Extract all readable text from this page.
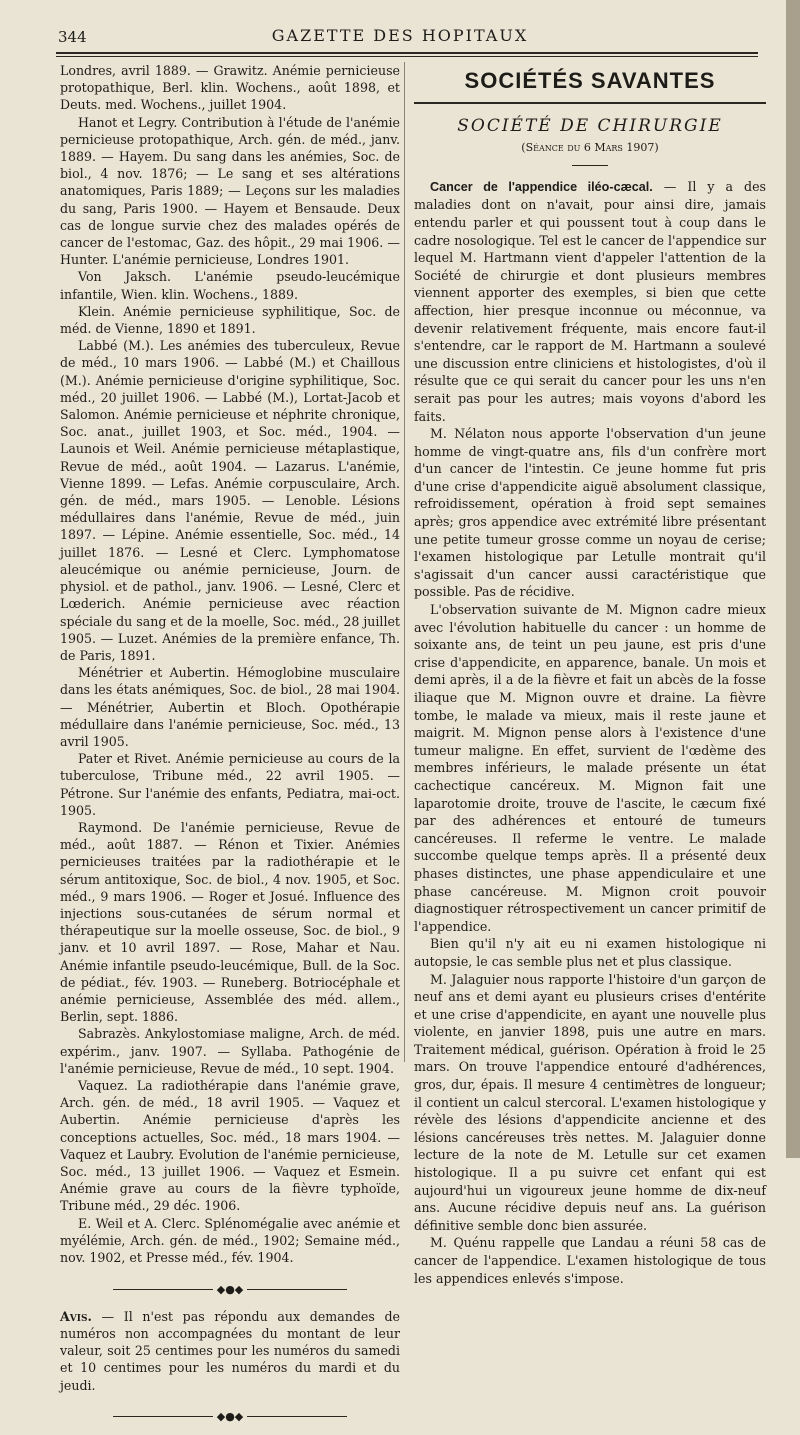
344	GAZETTE DES HOPITAUX

Londres, avril 1889. — Grawitz. Anémie pernicieuse protopathique, Berl. klin. Wochens., août 1898, et Deuts. med. Wochens., juillet 1904.

Hanot et Legry. Contribution à l'étude de l'anémie pernicieuse protopathique, Arch. gén. de méd., janv. 1889. — Hayem. Du sang dans les anémies, Soc. de biol., 4 nov. 1876; — Le sang et ses altérations anatomiques, Paris 1889; — Leçons sur les maladies du sang, Paris 1900. — Hayem et Bensaude. Deux cas de longue survie chez des malades opérés de cancer de l'estomac, Gaz. des hôpit., 29 mai 1906. — Hunter. L'anémie pernicieuse, Londres 1901.

Von Jaksch. L'anémie pseudo-leucémique infantile, Wien. klin. Wochens., 1889.

Klein. Anémie pernicieuse syphilitique, Soc. de méd. de Vienne, 1890 et 1891.

Labbé (M.). Les anémies des tuberculeux, Revue de méd., 10 mars 1906. — Labbé (M.) et Chaillous (M.). Anémie pernicieuse d'origine syphilitique, Soc. méd., 20 juillet 1906. — Labbé (M.), Lortat-Jacob et Salomon. Anémie pernicieuse et néphrite chronique, Soc. anat., juillet 1903, et Soc. méd., 1904. — Launois et Weil. Anémie pernicieuse métaplastique, Revue de méd., août 1904. — Lazarus. L'anémie, Vienne 1899. — Lefas. Anémie corpusculaire, Arch. gén. de méd., mars 1905. — Lenoble. Lésions médullaires dans l'anémie, Revue de méd., juin 1897. — Lépine. Anémie essentielle, Soc. méd., 14 juillet 1876. — Lesné et Clerc. Lymphomatose aleucémique ou anémie pernicieuse, Journ. de physiol. et de pathol., janv. 1906. — Lesné, Clerc et Lœderich. Anémie pernicieuse avec réaction spéciale du sang et de la moelle, Soc. méd., 28 juillet 1905. — Luzet. Anémies de la première enfance, Th. de Paris, 1891.

Ménétrier et Aubertin. Hémoglobine musculaire dans les états anémiques, Soc. de biol., 28 mai 1904. — Ménétrier, Aubertin et Bloch. Opothérapie médullaire dans l'anémie pernicieuse, Soc. méd., 13 avril 1905.

Pater et Rivet. Anémie pernicieuse au cours de la tuberculose, Tribune méd., 22 avril 1905. — Pétrone. Sur l'anémie des enfants, Pediatra, mai-oct. 1905.

Raymond. De l'anémie pernicieuse, Revue de méd., août 1887. — Rénon et Tixier. Anémies pernicieuses traitées par la radiothérapie et le sérum antitoxique, Soc. de biol., 4 nov. 1905, et Soc. méd., 9 mars 1906. — Roger et Josué. Influence des injections sous-cutanées de sérum normal et thérapeutique sur la moelle osseuse, Soc. de biol., 9 janv. et 10 avril 1897. — Rose, Mahar et Nau. Anémie infantile pseudo-leucémique, Bull. de la Soc. de pédiat., fév. 1903. — Runeberg. Botriocéphale et anémie pernicieuse, Assemblée des méd. allem., Berlin, sept. 1886.

Sabrazès. Ankylostomiase maligne, Arch. de méd. expérim., janv. 1907. — Syllaba. Pathogénie de l'anémie pernicieuse, Revue de méd., 10 sept. 1904.

Vaquez. La radiothérapie dans l'anémie grave, Arch. gén. de méd., 18 avril 1905. — Vaquez et Aubertin. Anémie pernicieuse d'après les conceptions actuelles, Soc. méd., 18 mars 1904. — Vaquez et Laubry. Evolution de l'anémie pernicieuse, Soc. méd., 13 juillet 1906. — Vaquez et Esmein. Anémie grave au cours de la fièvre typhoïde, Tribune méd., 29 déc. 1906.

E. Weil et A. Clerc. Splénomégalie avec anémie et myélémie, Arch. gén. de méd., 1902; Semaine méd., nov. 1902, et Presse méd., fév. 1904.

◆●◆

Avis. — Il n'est pas répondu aux demandes de numéros non accompagnées du montant de leur valeur, soit 25 centimes pour les numéros du samedi et 10 centimes pour les numéros du mardi et du jeudi.

◆●◆
SOCIÉTÉS SAVANTES
SOCIÉTÉ DE CHIRURGIE
(Séance du 6 Mars 1907)

Cancer de l'appendice iléo-cæcal. — Il y a des maladies dont on n'avait, pour ainsi dire, jamais entendu parler et qui poussent tout à coup dans le cadre nosologique. Tel est le cancer de l'appendice sur lequel M. Hartmann vient d'appeler l'attention de la Société de chirurgie et dont plusieurs membres viennent apporter des exemples, si bien que cette affection, hier presque inconnue ou méconnue, va devenir relativement fréquente, mais encore faut-il s'entendre, car le rapport de M. Hartmann a soulevé une discussion entre cliniciens et histologistes, d'où il résulte que ce qui serait du cancer pour les uns n'en serait pas pour les autres; mais voyons d'abord les faits.

M. Nélaton nous apporte l'observation d'un jeune homme de vingt-quatre ans, fils d'un confrère mort d'un cancer de l'intestin. Ce jeune homme fut pris d'une crise d'appendicite aiguë absolument classique, refroidissement, opération à froid sept semaines après; gros appendice avec extrémité libre présentant une petite tumeur grosse comme un noyau de cerise; l'examen histologique par Letulle montrait qu'il s'agissait d'un cancer aussi caractéristique que possible. Pas de récidive.

L'observation suivante de M. Mignon cadre mieux avec l'évolution habituelle du cancer : un homme de soixante ans, de teint un peu jaune, est pris d'une crise d'appendicite, en apparence, banale. Un mois et demi après, il a de la fièvre et fait un abcès de la fosse iliaque que M. Mignon ouvre et draine. La fièvre tombe, le malade va mieux, mais il reste jaune et maigrit. M. Mignon pense alors à l'existence d'une tumeur maligne. En effet, survient de l'œdème des membres inférieurs, le malade présente un état cachectique cancéreux. M. Mignon fait une laparotomie droite, trouve de l'ascite, le cæcum fixé par des adhérences et entouré de tumeurs cancéreuses. Il referme le ventre. Le malade succombe quelque temps après. Il a présenté deux phases distinctes, une phase appendiculaire et une phase cancéreuse. M. Mignon croit pouvoir diagnostiquer rétrospectivement un cancer primitif de l'appendice.

Bien qu'il n'y ait eu ni examen histologique ni autopsie, le cas semble plus net et plus classique.

M. Jalaguier nous rapporte l'histoire d'un garçon de neuf ans et demi ayant eu plusieurs crises d'entérite et une crise d'appendicite, en ayant une nouvelle plus violente, en janvier 1898, puis une autre en mars. Traitement médical, guérison. Opération à froid le 25 mars. On trouve l'appendice entouré d'adhérences, gros, dur, épais. Il mesure 4 centimètres de longueur; il contient un calcul stercoral. L'examen histologique y révèle des lésions d'appendicite ancienne et des lésions cancéreuses très nettes. M. Jalaguier donne lecture de la note de M. Letulle sur cet examen histologique. Il a pu suivre cet enfant qui est aujourd'hui un vigoureux jeune homme de dix-neuf ans. Aucune récidive depuis neuf ans. La guérison définitive semble donc bien assurée.

M. Quénu rappelle que Landau a réuni 58 cas de cancer de l'appendice. L'examen histologique de tous les appendices enlevés s'impose.
